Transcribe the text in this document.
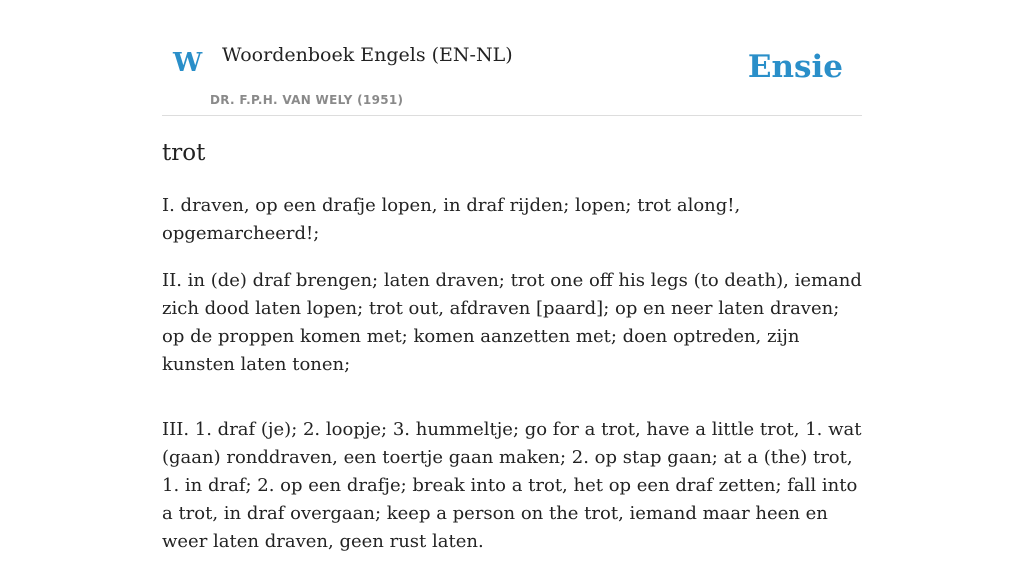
W Woordenboek Engels (EN-NL)
DR. F.P.H. VAN WELY (1951)
Ensie
trot

I. draven, op een drafje lopen, in draf rijden; lopen; trot along!, opgemarcheerd!;

II. in (de) draf brengen; laten draven; trot one off his legs (to death), iemand zich dood laten lopen; trot out, afdraven [paard]; op en neer laten draven; op de proppen komen met; komen aanzetten met; doen optreden, zijn kunsten laten tonen;

III. 1. draf (je); 2. loopje; 3. hummeltje; go for a trot, have a little trot, 1. wat (gaan) ronddraven, een toertje gaan maken; 2. op stap gaan; at a (the) trot, 1. in draf; 2. op een drafje; break into a trot, het op een draf zetten; fall into a trot, in draf overgaan; keep a person on the trot, iemand maar heen en weer laten draven, geen rust laten.
